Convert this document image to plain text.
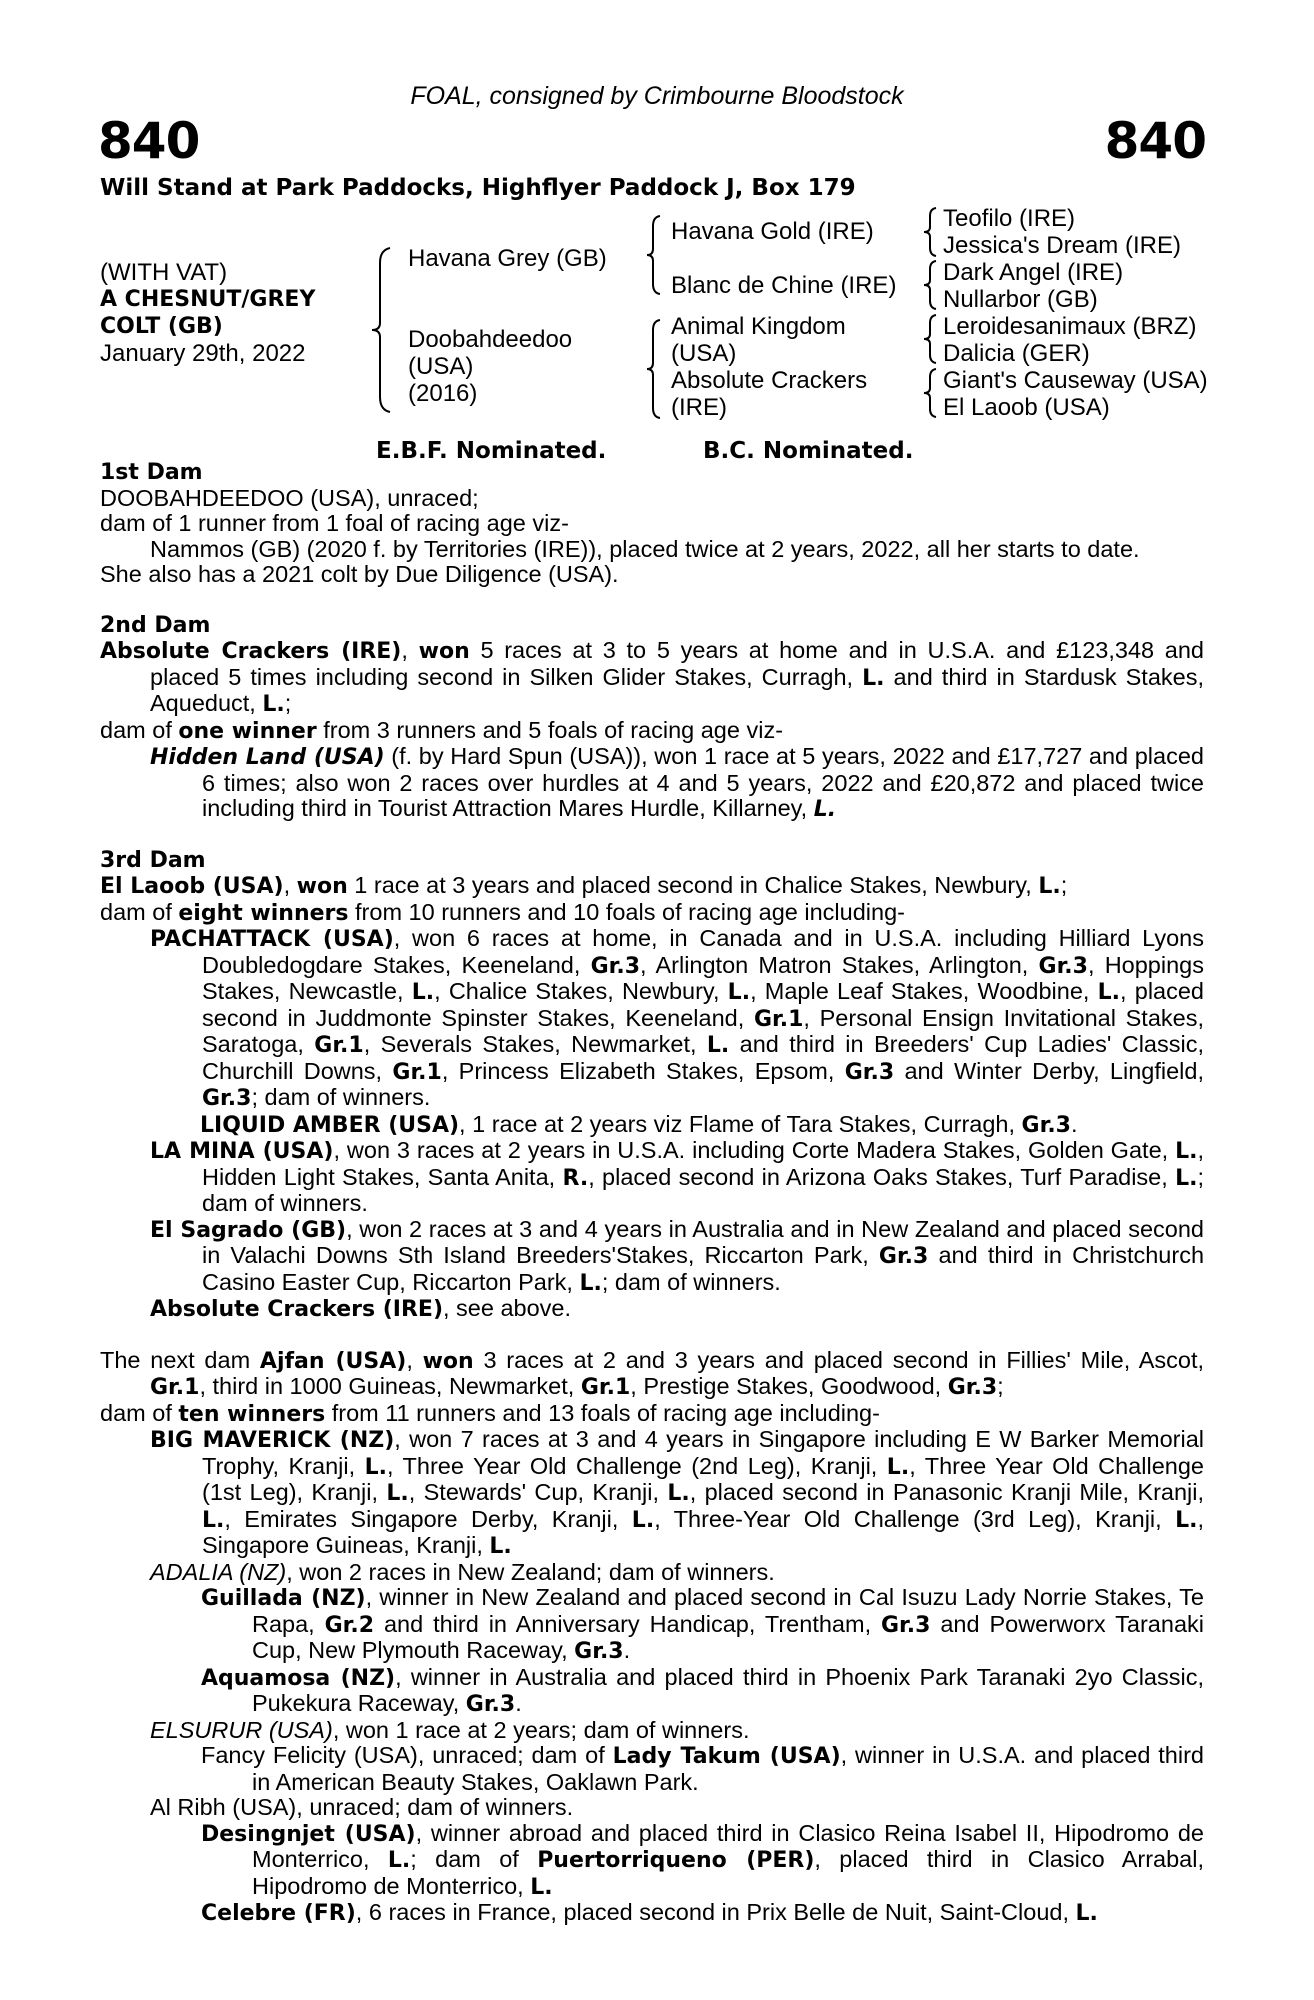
FOAL, consigned by Crimbourne Bloodstock
840	840
Will Stand at Park Paddocks, Highflyer Paddock J, Box 179
(WITH VAT)
A CHESNUT/GREY
COLT (GB)
January 29th, 2022
Havana Grey (GB)
Doobahdeedoo
(USA)
(2016)
Havana Gold (IRE)
Blanc de Chine (IRE)
Animal Kingdom
(USA)
Absolute Crackers
(IRE)
Teofilo (IRE)
Jessica's Dream (IRE)
Dark Angel (IRE)
Nullarbor (GB)
Leroidesanimaux (BRZ)
Dalicia (GER)
Giant's Causeway (USA)
El Laoob (USA)
E.B.F. Nominated.	B.C. Nominated.

1st Dam

DOOBAHDEEDOO (USA), unraced;

dam of 1 runner from 1 foal of racing age viz-

Nammos (GB) (2020 f. by Territories (IRE)), placed twice at 2 years, 2022, all her starts to date.

She also has a 2021 colt by Due Diligence (USA).

2nd Dam

Absolute Crackers (IRE), won 5 races at 3 to 5 years at home and in U.S.A. and £123,348 and placed 5 times including second in Silken Glider Stakes, Curragh, L. and third in Stardusk Stakes, Aqueduct, L.;

dam of one winner from 3 runners and 5 foals of racing age viz-

Hidden Land (USA) (f. by Hard Spun (USA)), won 1 race at 5 years, 2022 and £17,727 and placed 6 times; also won 2 races over hurdles at 4 and 5 years, 2022 and £20,872 and placed twice including third in Tourist Attraction Mares Hurdle, Killarney, L.

3rd Dam

El Laoob (USA), won 1 race at 3 years and placed second in Chalice Stakes, Newbury, L.;

dam of eight winners from 10 runners and 10 foals of racing age including-

PACHATTACK (USA), won 6 races at home, in Canada and in U.S.A. including Hilliard Lyons Doubledogdare Stakes, Keeneland, Gr.3, Arlington Matron Stakes, Arlington, Gr.3, Hoppings Stakes, Newcastle, L., Chalice Stakes, Newbury, L., Maple Leaf Stakes, Woodbine, L., placed second in Juddmonte Spinster Stakes, Keeneland, Gr.1, Personal Ensign Invitational Stakes, Saratoga, Gr.1, Severals Stakes, Newmarket, L. and third in Breeders' Cup Ladies' Classic, Churchill Downs, Gr.1, Princess Elizabeth Stakes, Epsom, Gr.3 and Winter Derby, Lingfield, Gr.3; dam of winners.

LIQUID AMBER (USA), 1 race at 2 years viz Flame of Tara Stakes, Curragh, Gr.3.

LA MINA (USA), won 3 races at 2 years in U.S.A. including Corte Madera Stakes, Golden Gate, L., Hidden Light Stakes, Santa Anita, R., placed second in Arizona Oaks Stakes, Turf Paradise, L.; dam of winners.

El Sagrado (GB), won 2 races at 3 and 4 years in Australia and in New Zealand and placed second in Valachi Downs Sth Island Breeders'Stakes, Riccarton Park, Gr.3 and third in Christchurch Casino Easter Cup, Riccarton Park, L.; dam of winners.

Absolute Crackers (IRE), see above.

The next dam Ajfan (USA), won 3 races at 2 and 3 years and placed second in Fillies' Mile, Ascot, Gr.1, third in 1000 Guineas, Newmarket, Gr.1, Prestige Stakes, Goodwood, Gr.3;

dam of ten winners from 11 runners and 13 foals of racing age including-

BIG MAVERICK (NZ), won 7 races at 3 and 4 years in Singapore including E W Barker Memorial Trophy, Kranji, L., Three Year Old Challenge (2nd Leg), Kranji, L., Three Year Old Challenge (1st Leg), Kranji, L., Stewards' Cup, Kranji, L., placed second in Panasonic Kranji Mile, Kranji, L., Emirates Singapore Derby, Kranji, L., Three-Year Old Challenge (3rd Leg), Kranji, L., Singapore Guineas, Kranji, L.

ADALIA (NZ), won 2 races in New Zealand; dam of winners.

Guillada (NZ), winner in New Zealand and placed second in Cal Isuzu Lady Norrie Stakes, Te Rapa, Gr.2 and third in Anniversary Handicap, Trentham, Gr.3 and Powerworx Taranaki Cup, New Plymouth Raceway, Gr.3.

Aquamosa (NZ), winner in Australia and placed third in Phoenix Park Taranaki 2yo Classic, Pukekura Raceway, Gr.3.

ELSURUR (USA), won 1 race at 2 years; dam of winners.

Fancy Felicity (USA), unraced; dam of Lady Takum (USA), winner in U.S.A. and placed third in American Beauty Stakes, Oaklawn Park.

Al Ribh (USA), unraced; dam of winners.

Desingnjet (USA), winner abroad and placed third in Clasico Reina Isabel II, Hipodromo de Monterrico, L.; dam of Puertorriqueno (PER), placed third in Clasico Arrabal, Hipodromo de Monterrico, L.

Celebre (FR), 6 races in France, placed second in Prix Belle de Nuit, Saint-Cloud, L.
